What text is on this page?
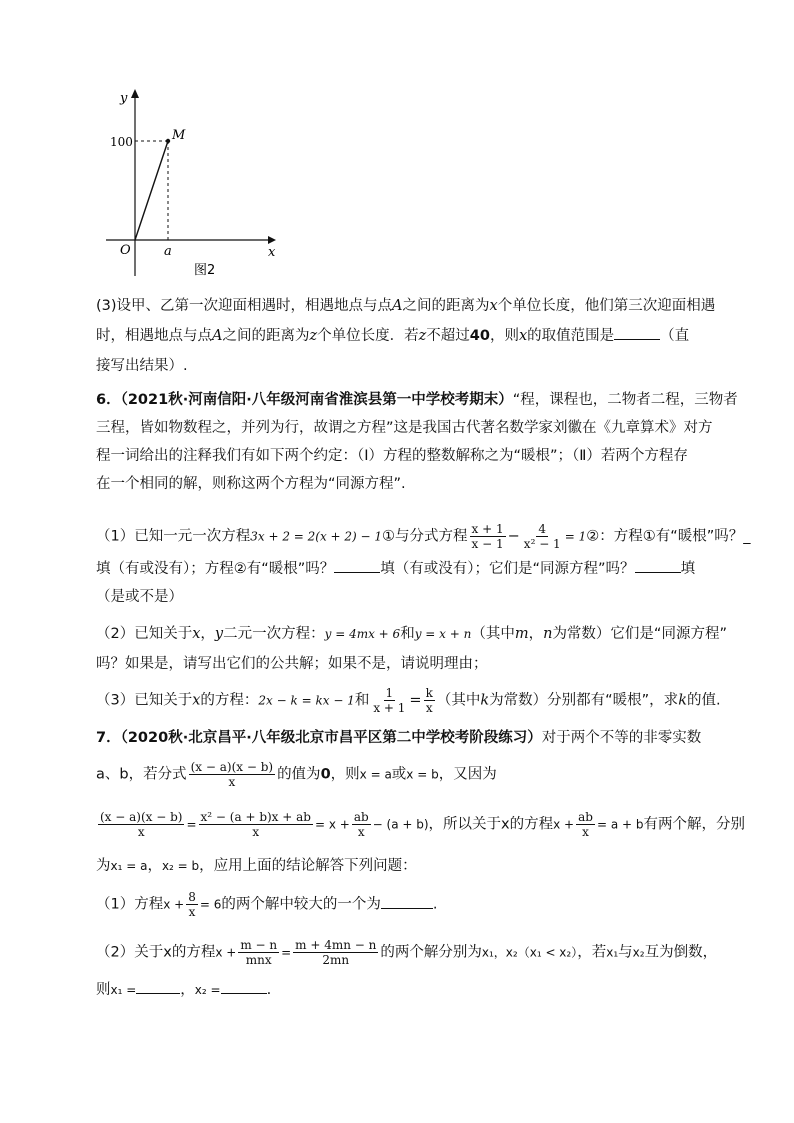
y
x
O
M
100
a
图2
(3)设甲、乙第一次迎面相遇时，相遇地点与点A之间的距离为x个单位长度，他们第三次迎面相遇
时，相遇地点与点A之间的距离为z个单位长度．若z不超过40，则x的取值范围是	（直
接写出结果）.
6．（2021秋·河南信阳·八年级河南省淮滨县第一中学校考期末）“程，课程也，二物者二程，三物者
三程，皆如物数程之，并列为行，故谓之方程”这是我国古代著名数学家刘徽在《九章算术》对方
程一词给出的注释我们有如下两个约定：（Ⅰ）方程的整数解称之为“暖根”；（Ⅱ）若两个方程存
在一个相同的解，则称这两个方程为“同源方程”.
（1）已知一元一次方程3x + 2 = 2(x + 2) − 1①与分式方程 $\frac{x + 1}{x - 1} - \frac{4}{\text{x² − 1}}$ = 1②：方程①有“暖根”吗？_
填（有或没有）；方程②有“暖根”吗？	填（有或没有）；它们是“同源方程”吗？	填
（是或不是）
（2）已知关于x，y二元一次方程：y = 4mx + 6和y = x + n（其中m，n为常数）它们是“同源方程”
吗？如果是，请写出它们的公共解；如果不是，请说明理由；
（3）已知关于x的方程：2x − k = kx − 1和 $\frac{1}{x + 1} = \frac{k}{x}$ （其中k为常数）分别都有“暖根”，求k的值.
7．（2020秋·北京昌平·八年级北京市昌平区第二中学校考阶段练习）对于两个不等的非零实数
a、b，若分式 $\frac{(x - a)(x - b)}{x}$ 的值为0，则x = a或x = b，又因为
$\frac{(x - a)(x - b)}{x} = \frac{\text{x² − (a + b)x + ab}}{x} = x + \frac{ab}{x} - (a + b)$，所以关于x的方程$x + \frac{ab}{x} = a + b$有两个解，分别
为x₁ = a，x₂ = b，应用上面的结论解答下列问题：
（1）方程$x + \frac{8}{x} = 6$的两个解中较大的一个为	.
（2）关于x的方程$x + \frac{m - n}{\text{mnx}} = \frac{m + 4mn - n}{2mn}$ 的两个解分别为x₁，x₂（x₁ < x₂），若x₁与x₂互为倒数，
则x₁ =	，x₂ =	.
